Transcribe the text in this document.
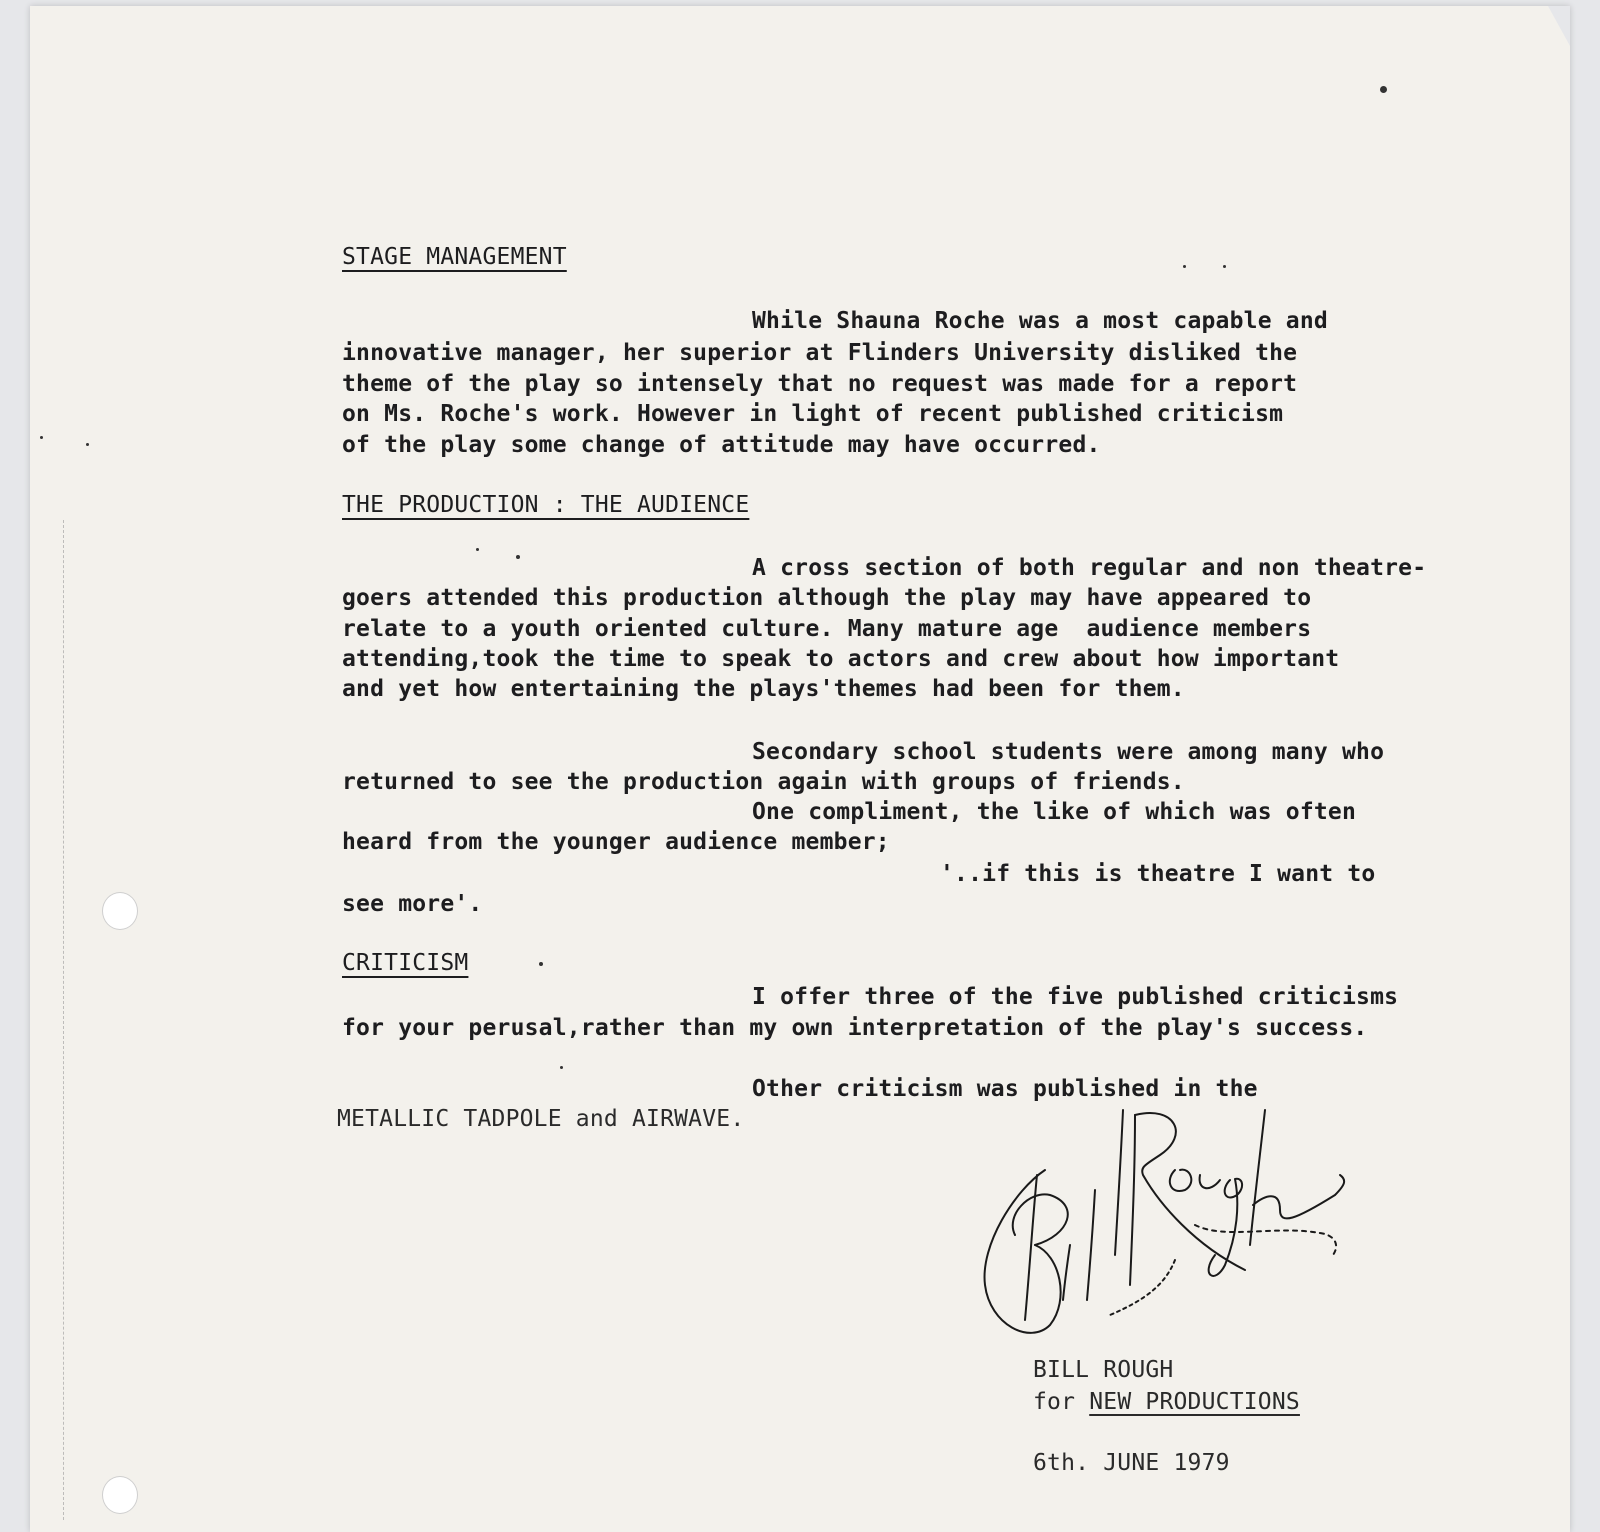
STAGE MANAGEMENT
While Shauna Roche was a most capable and
innovative manager, her superior at Flinders University disliked the
theme of the play so intensely that no request was made for a report
on Ms. Roche's work. However in light of recent published criticism
of the play some change of attitude may have occurred.
THE PRODUCTION : THE AUDIENCE
A cross section of both regular and non theatre-
goers attended this production although the play may have appeared to
relate to a youth oriented culture. Many mature age  audience members
attending,took the time to speak to actors and crew about how important
and yet how entertaining the plays'themes had been for them.
Secondary school students were among many who
returned to see the production again with groups of friends.
One compliment, the like of which was often
heard from the younger audience member;
'..if this is theatre I want to
see more'.
CRITICISM
I offer three of the five published criticisms
for your perusal,rather than my own interpretation of the play's success.
Other criticism was published in the
METALLIC TADPOLE and AIRWAVE.
BILL ROUGH
for NEW PRODUCTIONS
6th. JUNE 1979
